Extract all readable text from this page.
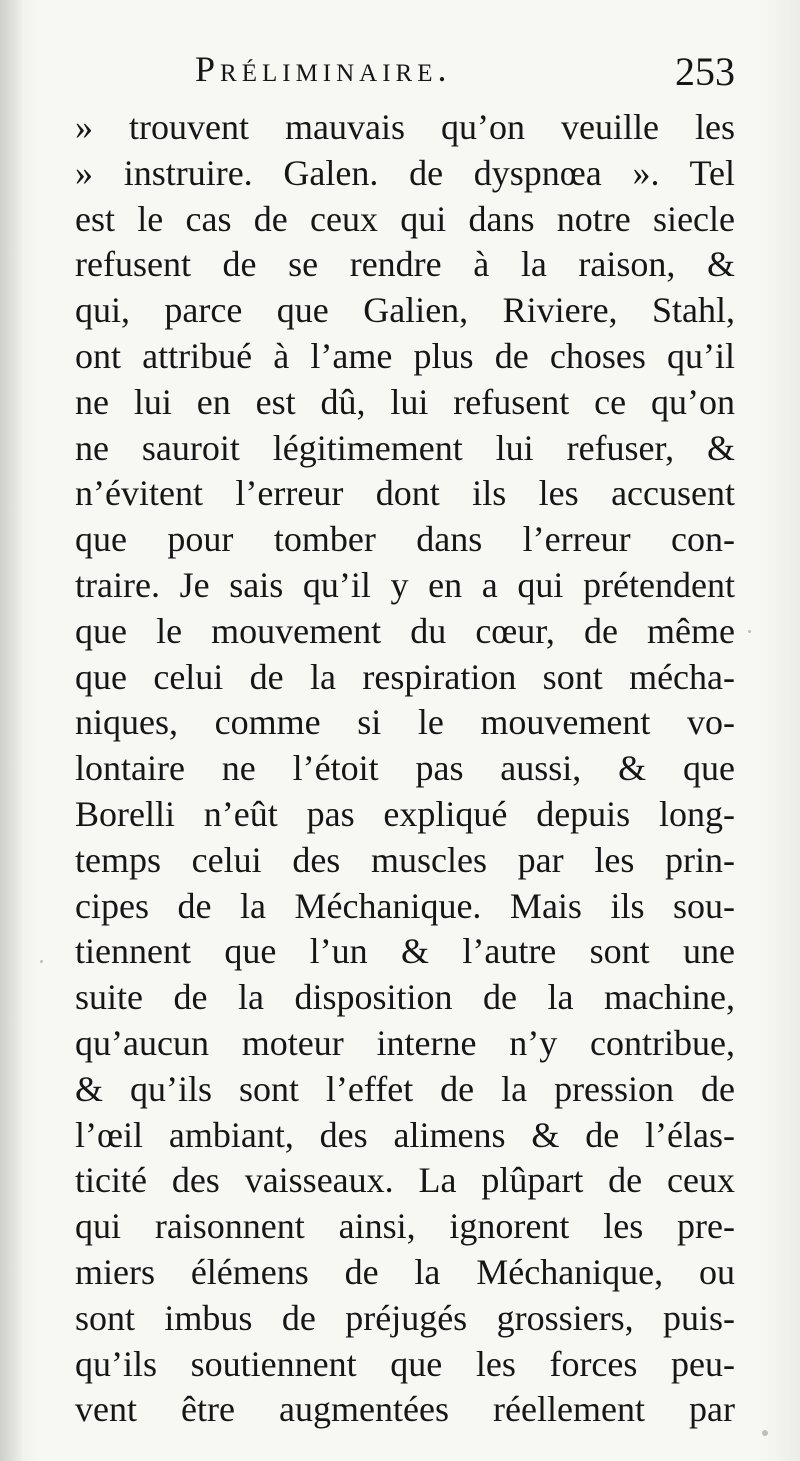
Préliminaire.	253
» trouvent mauvais qu’on veuille les
» instruire. Galen. de dyspnœa ». Tel
est le cas de ceux qui dans notre siecle
refusent de se rendre à la raison, &
qui, parce que Galien, Riviere, Stahl,
ont attribué à l’ame plus de choses qu’il
ne lui en est dû, lui refusent ce qu’on
ne sauroit légitimement lui refuser, &
n’évitent l’erreur dont ils les accusent
que pour tomber dans l’erreur con-
traire. Je sais qu’il y en a qui prétendent
que le mouvement du cœur, de même
que celui de la respiration sont mécha-
niques, comme si le mouvement vo-
lontaire ne l’étoit pas aussi, & que
Borelli n’eût pas expliqué depuis long-
temps celui des muscles par les prin-
cipes de la Méchanique. Mais ils sou-
tiennent que l’un & l’autre sont une
suite de la disposition de la machine,
qu’aucun moteur interne n’y contribue,
& qu’ils sont l’effet de la pression de
l’œil ambiant, des alimens & de l’élas-
ticité des vaisseaux. La plûpart de ceux
qui raisonnent ainsi, ignorent les pre-
miers élémens de la Méchanique, ou
sont imbus de préjugés grossiers, puis-
qu’ils soutiennent que les forces peu-
vent être augmentées réellement par
